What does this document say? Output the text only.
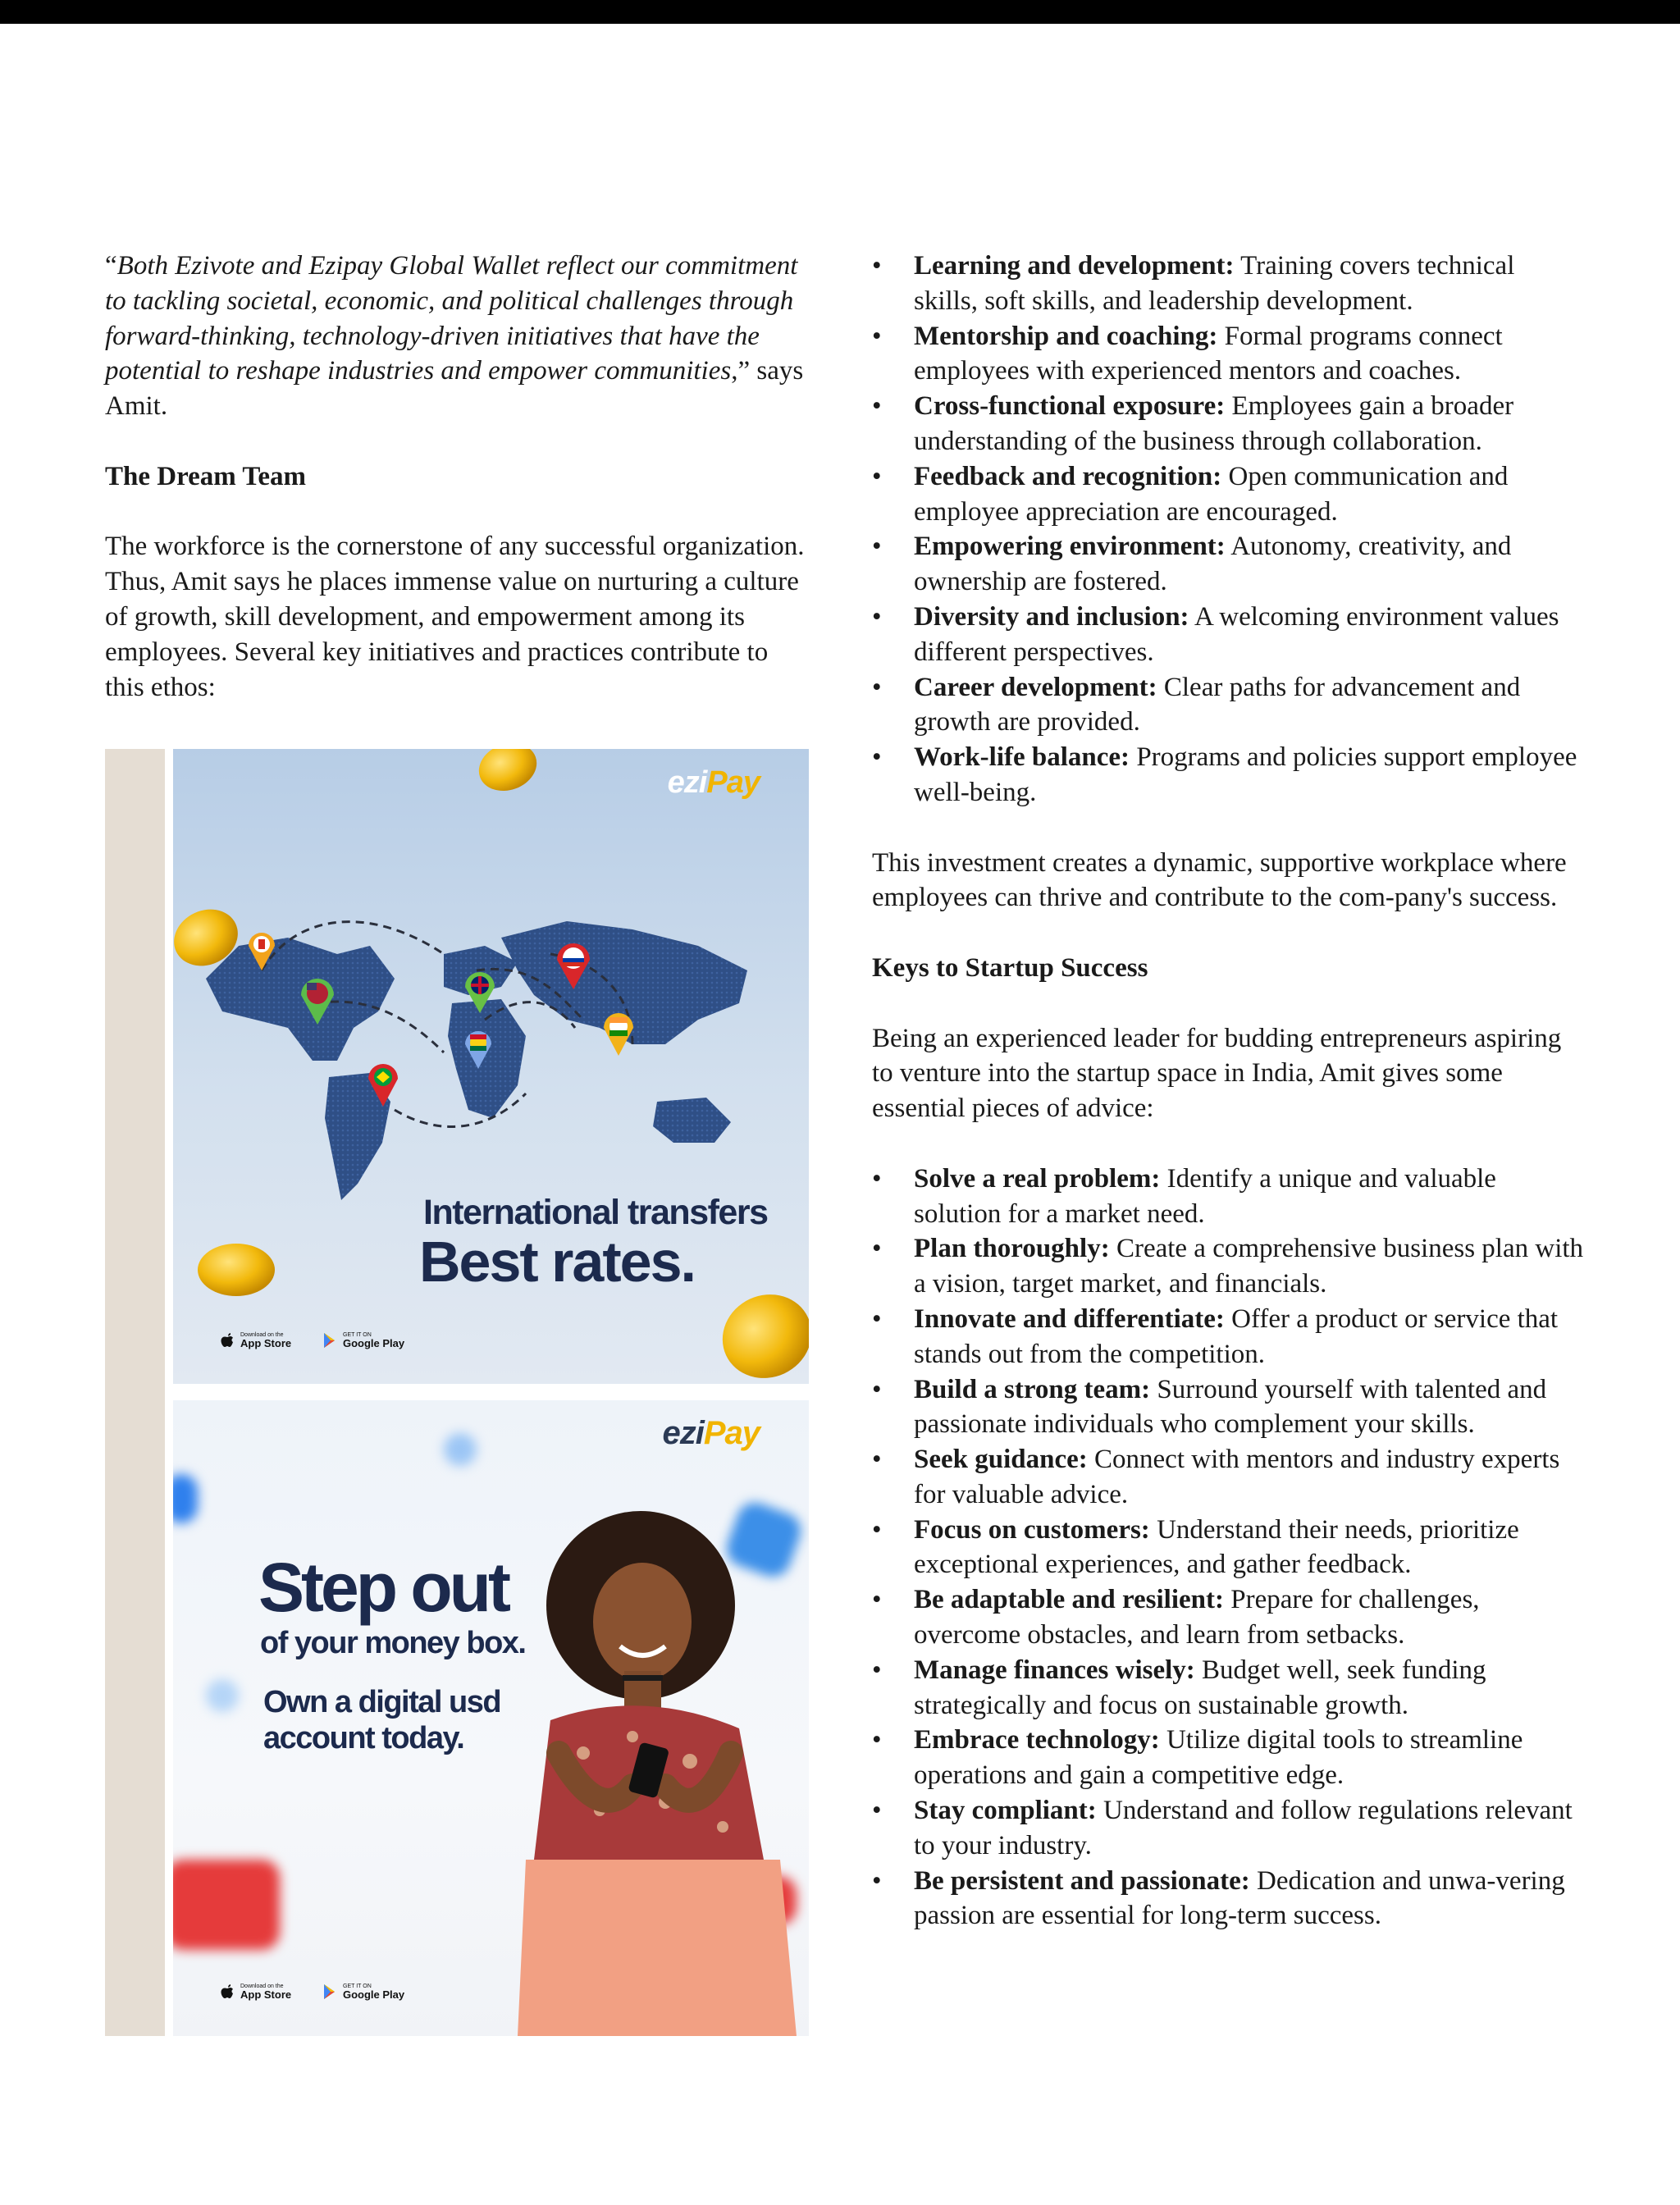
“Both Ezivote and Ezipay Global Wallet reflect our commitment to tackling societal, economic, and political challenges through forward-thinking, technology-driven initiatives that have the potential to reshape industries and empower communities,” says Amit.

The Dream Team

The workforce is the cornerstone of any successful organization. Thus, Amit says he places immense value on nurturing a culture of growth, skill development, and empowerment among its employees. Several key initiatives and practices contribute to this ethos:

eziPay
International transfers
Best rates.
Download on the
App Store
GET IT ON
Google Play
eziPay
Step out
of your money box.
Own a digital usd account today.
Download on the
App Store
GET IT ON
Google Play
• Learning and development: Training covers technical skills, soft skills, and leadership development.
• Mentorship and coaching: Formal programs connect employees with experienced mentors and coaches.
• Cross-functional exposure: Employees gain a broader understanding of the business through collaboration.
• Feedback and recognition: Open communication and employee appreciation are encouraged.
• Empowering environment: Autonomy, creativity, and ownership are fostered.
• Diversity and inclusion: A welcoming environment values different perspectives.
• Career development: Clear paths for advancement and growth are provided.
• Work-life balance: Programs and policies support employee well-being.

This investment creates a dynamic, supportive workplace where employees can thrive and contribute to the com-pany's success.

Keys to Startup Success

Being an experienced leader for budding entrepreneurs aspiring to venture into the startup space in India, Amit gives some essential pieces of advice:

• Solve a real problem: Identify a unique and valuable solution for a market need.
• Plan thoroughly: Create a comprehensive business plan with a vision, target market, and financials.
• Innovate and differentiate: Offer a product or service that stands out from the competition.
• Build a strong team: Surround yourself with talented and passionate individuals who complement your skills.
• Seek guidance: Connect with mentors and industry experts for valuable advice.
• Focus on customers: Understand their needs, prioritize exceptional experiences, and gather feedback.
• Be adaptable and resilient: Prepare for challenges, overcome obstacles, and learn from setbacks.
• Manage finances wisely: Budget well, seek funding strategically and focus on sustainable growth.
• Embrace technology: Utilize digital tools to streamline operations and gain a competitive edge.
• Stay compliant: Understand and follow regulations relevant to your industry.
• Be persistent and passionate: Dedication and unwa-vering passion are essential for long-term success.
